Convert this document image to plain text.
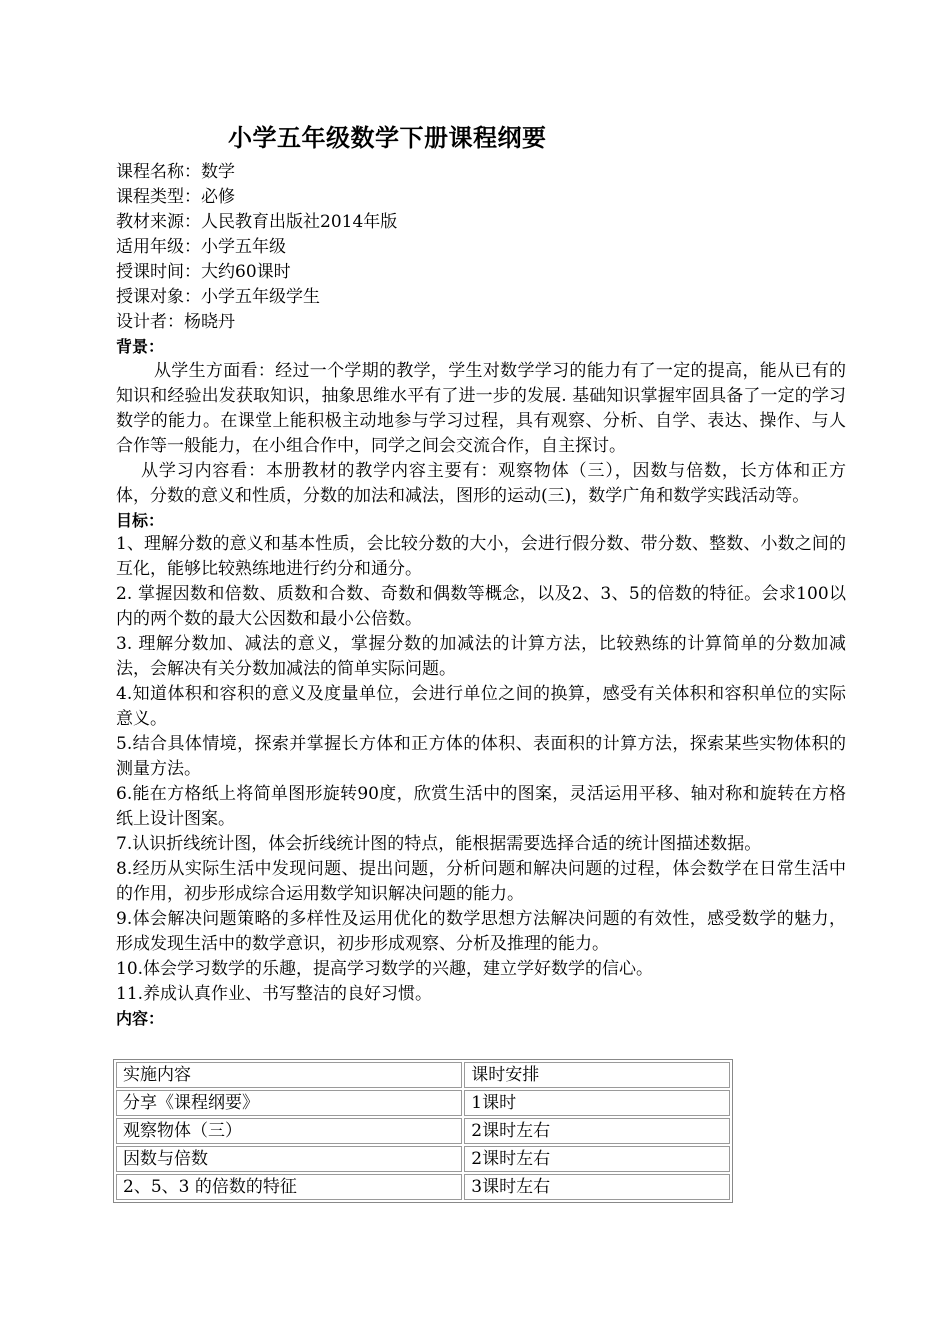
小学五年级数学下册课程纲要
课程名称：数学
课程类型：必修
教材来源：人民教育出版社2014年版
适用年级：小学五年级
授课时间：大约60课时
授课对象：小学五年级学生
设计者：杨晓丹
背景：
从学生方面看：经过一个学期的教学，学生对数学学习的能力有了一定的提高，能从已有的知识和经验出发获取知识，抽象思维水平有了进一步的发展. 基础知识掌握牢固具备了一定的学习数学的能力。在课堂上能积极主动地参与学习过程，具有观察、分析、自学、表达、操作、与人合作等一般能力，在小组合作中，同学之间会交流合作，自主探讨。
从学习内容看：本册教材的教学内容主要有：观察物体（三），因数与倍数，长方体和正方体，分数的意义和性质，分数的加法和减法，图形的运动(三)，数学广角和数学实践活动等。
目标：
1、理解分数的意义和基本性质，会比较分数的大小，会进行假分数、带分数、整数、小数之间的互化，能够比较熟练地进行约分和通分。
2. 掌握因数和倍数、质数和合数、奇数和偶数等概念，以及2、3、5的倍数的特征。会求100以内的两个数的最大公因数和最小公倍数。
3. 理解分数加、减法的意义，掌握分数的加减法的计算方法，比较熟练的计算简单的分数加减法，会解决有关分数加减法的简单实际问题。
4.知道体积和容积的意义及度量单位，会进行单位之间的换算，感受有关体积和容积单位的实际意义。
5.结合具体情境，探索并掌握长方体和正方体的体积、表面积的计算方法，探索某些实物体积的测量方法。
6.能在方格纸上将简单图形旋转90度，欣赏生活中的图案，灵活运用平移、轴对称和旋转在方格纸上设计图案。
7.认识折线统计图，体会折线统计图的特点，能根据需要选择合适的统计图描述数据。
8.经历从实际生活中发现问题、提出问题，分析问题和解决问题的过程，体会数学在日常生活中的作用，初步形成综合运用数学知识解决问题的能力。
9.体会解决问题策略的多样性及运用优化的数学思想方法解决问题的有效性，感受数学的魅力，形成发现生活中的数学意识，初步形成观察、分析及推理的能力。
10.体会学习数学的乐趣，提高学习数学的兴趣，建立学好数学的信心。
11.养成认真作业、书写整洁的良好习惯。
内容：
实施内容	课时安排
分享《课程纲要》	1课时
观察物体（三）	2课时左右
因数与倍数	2课时左右
2、5、3 的倍数的特征	3课时左右
